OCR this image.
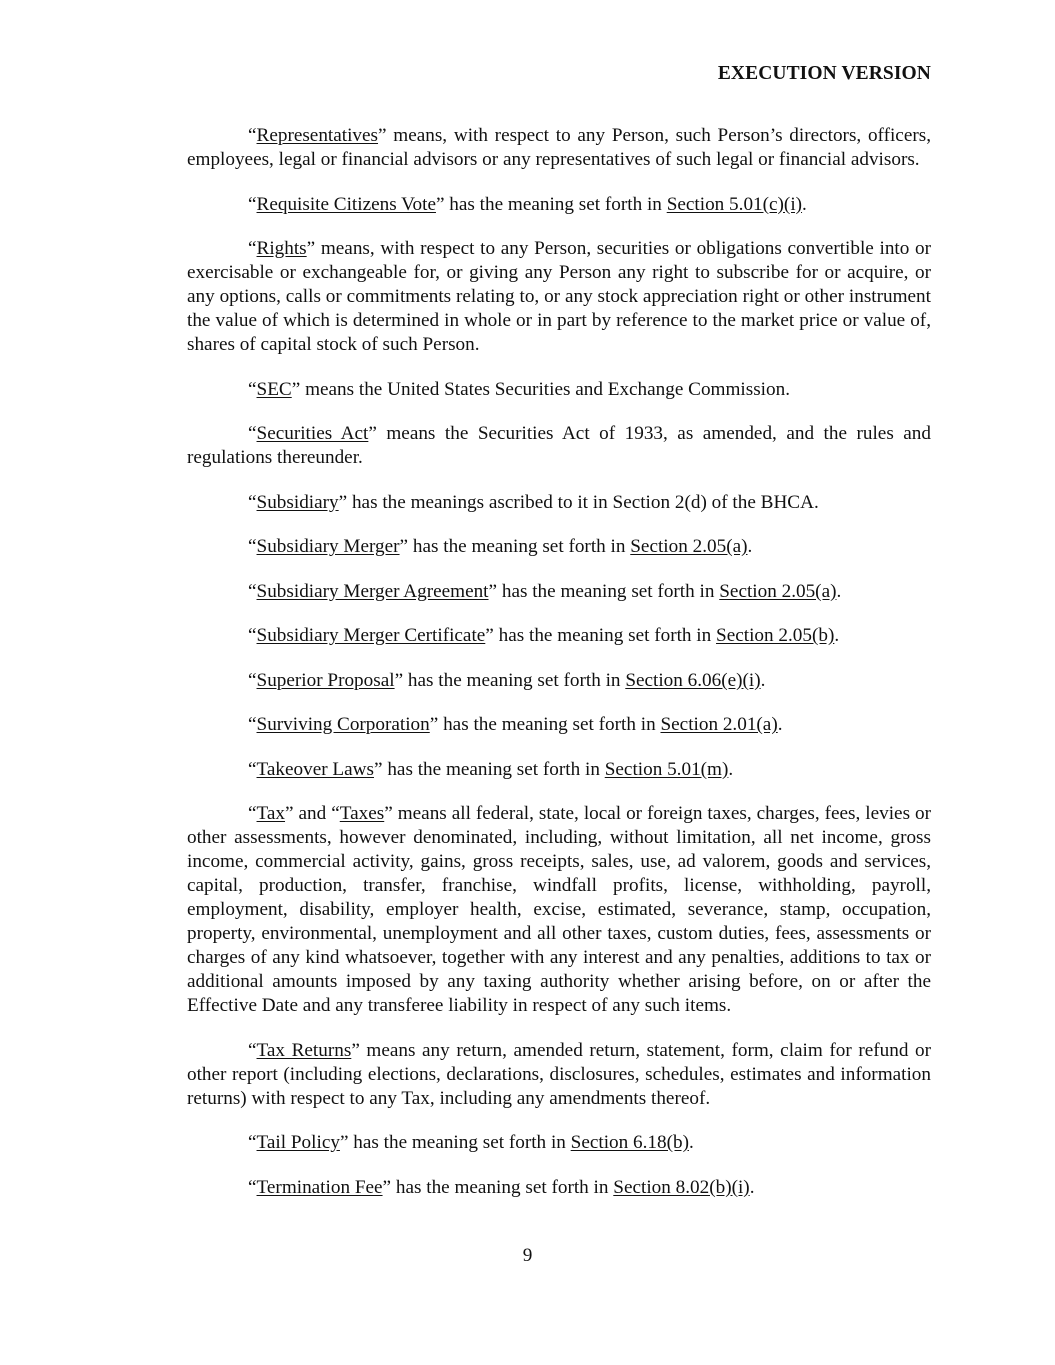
EXECUTION VERSION

“Representatives” means, with respect to any Person, such Person’s directors, officers, employees, legal or financial advisors or any representatives of such legal or financial advisors.

“Requisite Citizens Vote” has the meaning set forth in Section 5.01(c)(i).

“Rights” means, with respect to any Person, securities or obligations convertible into or exercisable or exchangeable for, or giving any Person any right to subscribe for or acquire, or any options, calls or commitments relating to, or any stock appreciation right or other instrument the value of which is determined in whole or in part by reference to the market price or value of, shares of capital stock of such Person.

“SEC” means the United States Securities and Exchange Commission.

“Securities Act” means the Securities Act of 1933, as amended, and the rules and regulations thereunder.

“Subsidiary” has the meanings ascribed to it in Section 2(d) of the BHCA.

“Subsidiary Merger” has the meaning set forth in Section 2.05(a).

“Subsidiary Merger Agreement” has the meaning set forth in Section 2.05(a).

“Subsidiary Merger Certificate” has the meaning set forth in Section 2.05(b).

“Superior Proposal” has the meaning set forth in Section 6.06(e)(i).

“Surviving Corporation” has the meaning set forth in Section 2.01(a).

“Takeover Laws” has the meaning set forth in Section 5.01(m).

“Tax” and “Taxes” means all federal, state, local or foreign taxes, charges, fees, levies or other assessments, however denominated, including, without limitation, all net income, gross income, commercial activity, gains, gross receipts, sales, use, ad valorem, goods and services, capital, production, transfer, franchise, windfall profits, license, withholding, payroll, employment, disability, employer health, excise, estimated, severance, stamp, occupation, property, environmental, unemployment and all other taxes, custom duties, fees, assessments or charges of any kind whatsoever, together with any interest and any penalties, additions to tax or additional amounts imposed by any taxing authority whether arising before, on or after the Effective Date and any transferee liability in respect of any such items.

“Tax Returns” means any return, amended return, statement, form, claim for refund or other report (including elections, declarations, disclosures, schedules, estimates and information returns) with respect to any Tax, including any amendments thereof.

“Tail Policy” has the meaning set forth in Section 6.18(b).

“Termination Fee” has the meaning set forth in Section 8.02(b)(i).

9
